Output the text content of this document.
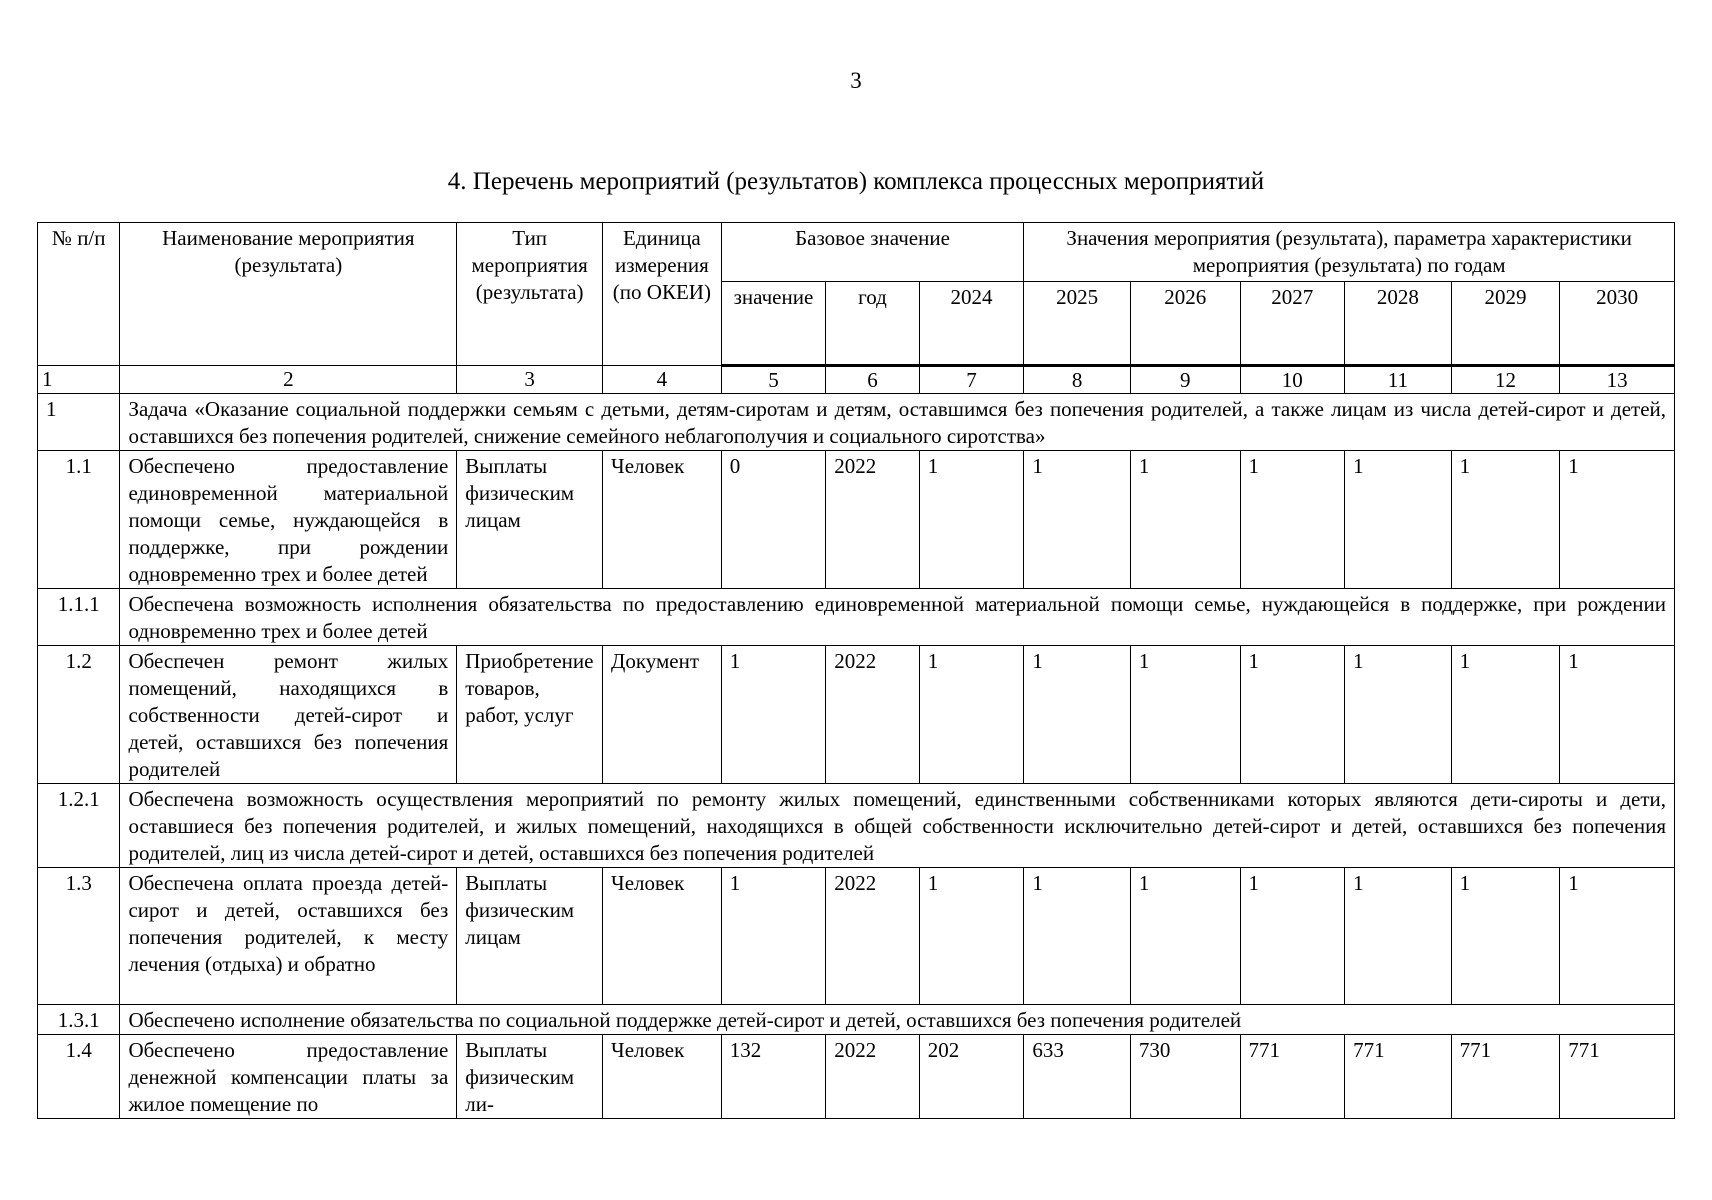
3
4. Перечень мероприятий (результатов) комплекса процессных мероприятий
№ п/п	Наименование мероприятия (результата)	Тип мероприятия (результата)	Единица измерения (по ОКЕИ)	Базовое значение			Значения мероприятия (результата), параметра характеристики мероприятия (результата) по годам					
				значение	год	2024	2025	2026	2027	2028	2029	2030
1	2	3	4	5	6	7	8	9	10	11	12	13
1	Задача «Оказание социальной поддержки семьям с детьми, детям-сиротам и детям, оставшимся без попечения родителей, а также лицам из числа детей-сирот и детей, оставшихся без попечения родителей, снижение семейного неблагополучия и социального сиротства»											
1.1	Обеспечено предоставление единовременной материальной помощи семье, нуждающейся в поддержке, при рождении одновременно трех и более детей	Выплаты физическим лицам	Человек	0	2022	1	1	1	1	1	1	1
1.1.1	Обеспечена возможность исполнения обязательства по предоставлению единовременной материальной помощи семье, нуждающейся в поддержке, при рождении одновременно трех и более детей											
1.2	Обеспечен ремонт жилых помещений, находящихся в собственности детей-сирот и детей, оставшихся без попечения родителей	Приобретение товаров, работ, услуг	Документ	1	2022	1	1	1	1	1	1	1
1.2.1	Обеспечена возможность осуществления мероприятий по ремонту жилых помещений, единственными собственниками которых являются дети-сироты и дети, оставшиеся без попечения родителей, и жилых помещений, находящихся в общей собственности исключительно детей-сирот и детей, оставшихся без попечения родителей, лиц из числа детей-сирот и детей, оставшихся без попечения родителей											
1.3	Обеспечена оплата проезда детей-сирот и детей, оставшихся без попечения родителей, к месту лечения (отдыха) и обратно	Выплаты физическим лицам	Человек	1	2022	1	1	1	1	1	1	1
1.3.1	Обеспечено исполнение обязательства по социальной поддержке детей-сирот и детей, оставшихся без попечения родителей											
1.4	Обеспечено предоставление денежной компенсации платы за жилое помещение по	Выплаты физическим ли-	Человек	132	2022	202	633	730	771	771	771	771
